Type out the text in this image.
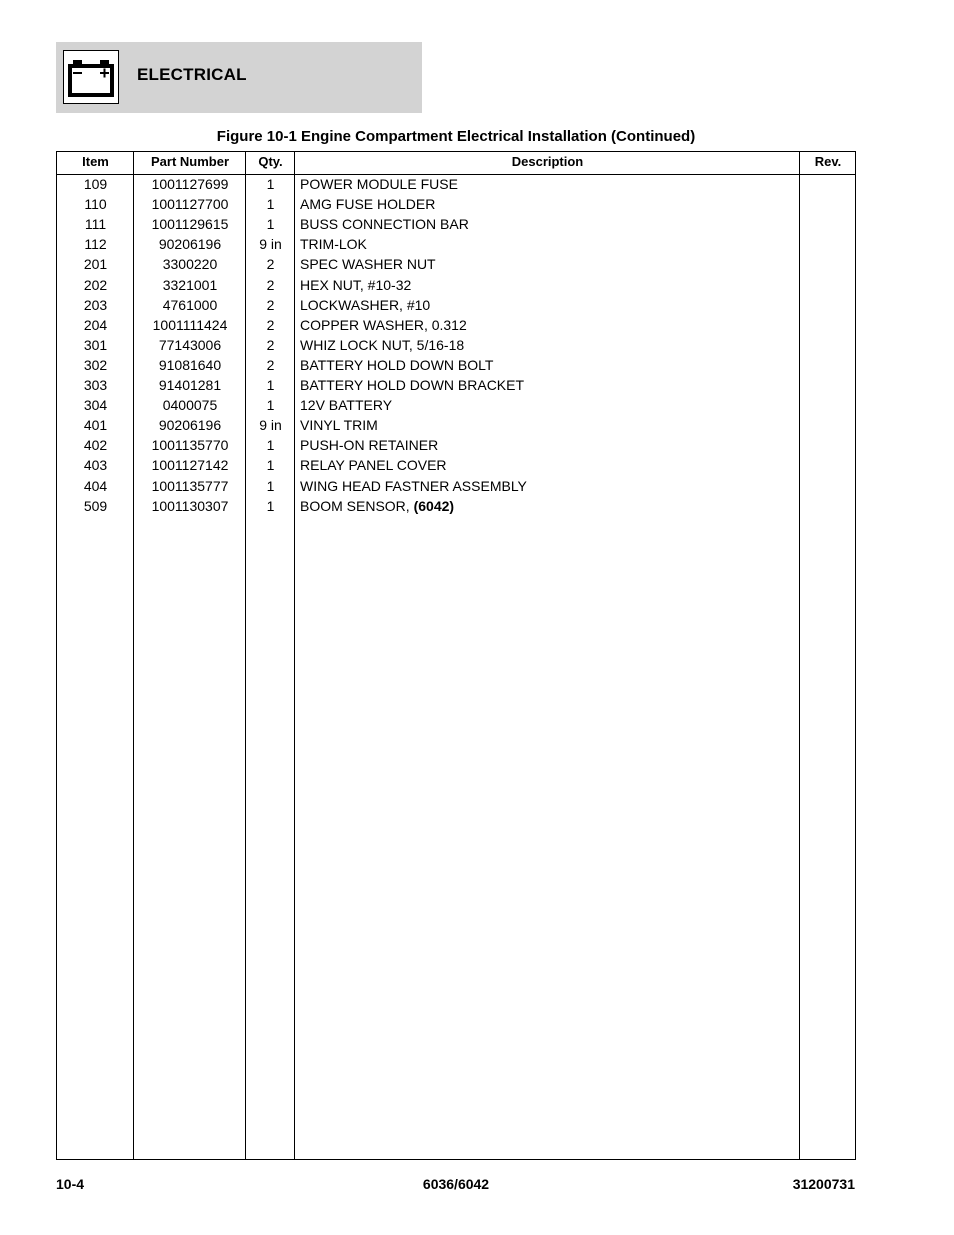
ELECTRICAL
Figure 10-1 Engine Compartment Electrical Installation (Continued)
Item	Part Number	Qty.	Description	Rev.
109	1001127699	1	POWER MODULE FUSE
110	1001127700	1	AMG FUSE HOLDER
111	1001129615	1	BUSS CONNECTION BAR
112	90206196	9 in	TRIM-LOK
201	3300220	2	SPEC WASHER NUT
202	3321001	2	HEX NUT, #10-32
203	4761000	2	LOCKWASHER, #10
204	1001111424	2	COPPER WASHER, 0.312
301	77143006	2	WHIZ LOCK NUT, 5/16-18
302	91081640	2	BATTERY HOLD DOWN BOLT
303	91401281	1	BATTERY HOLD DOWN BRACKET
304	0400075	1	12V BATTERY
401	90206196	9 in	VINYL TRIM
402	1001135770	1	PUSH-ON RETAINER
403	1001127142	1	RELAY PANEL COVER
404	1001135777	1	WING HEAD FASTNER ASSEMBLY
509	1001130307	1	BOOM SENSOR, (6042)
10-4	6036/6042	31200731
